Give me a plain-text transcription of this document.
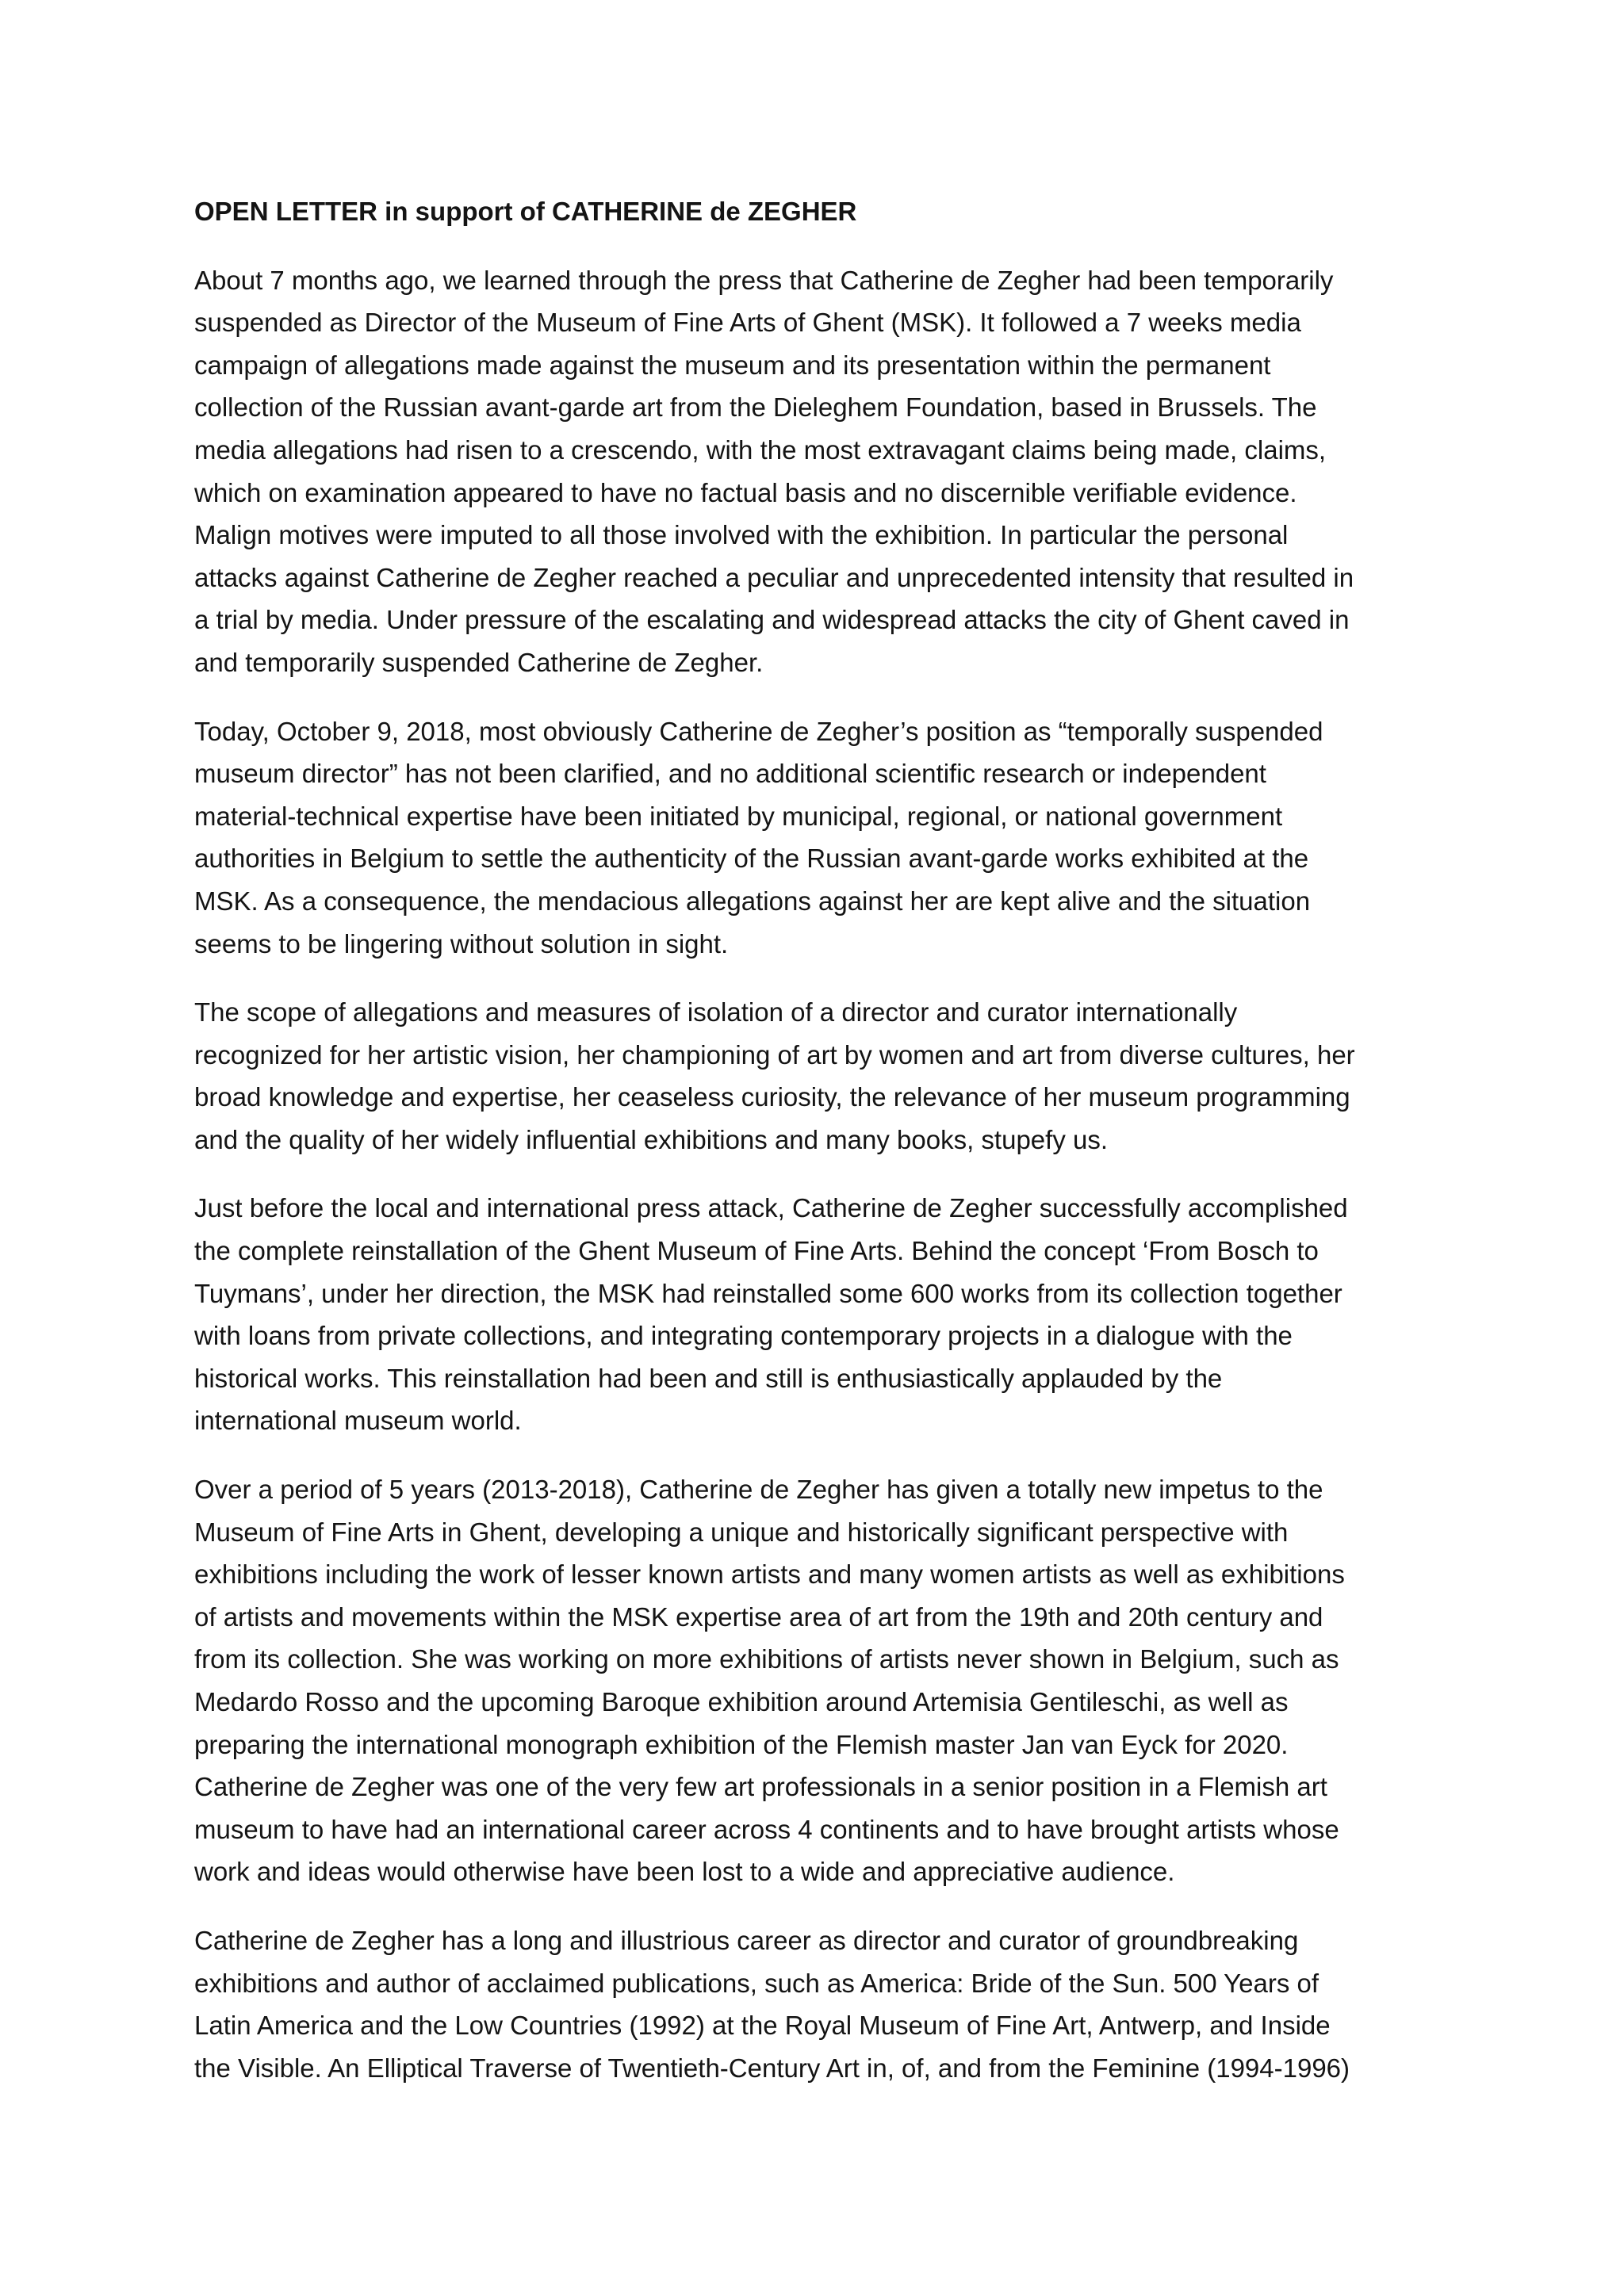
OPEN LETTER in support of CATHERINE de ZEGHER
About 7 months ago, we learned through the press that Catherine de Zegher had been temporarily
suspended as Director of the Museum of Fine Arts of Ghent (MSK). It followed a 7 weeks media
campaign of allegations made against the museum and its presentation within the permanent
collection of the Russian avant-garde art from the Dieleghem Foundation, based in Brussels. The
media allegations had risen to a crescendo, with the most extravagant claims being made, claims,
which on examination appeared to have no factual basis and no discernible verifiable evidence.
Malign motives were imputed to all those involved with the exhibition. In particular the personal
attacks against Catherine de Zegher reached a peculiar and unprecedented intensity that resulted in
a trial by media. Under pressure of the escalating and widespread attacks the city of Ghent caved in
and temporarily suspended Catherine de Zegher.
Today, October 9, 2018, most obviously Catherine de Zegher’s position as “temporally suspended
museum director” has not been clarified, and no additional scientific research or independent
material-technical expertise have been initiated by municipal, regional, or national government
authorities in Belgium to settle the authenticity of the Russian avant-garde works exhibited at the
MSK. As a consequence, the mendacious allegations against her are kept alive and the situation
seems to be lingering without solution in sight.
The scope of allegations and measures of isolation of a director and curator internationally
recognized for her artistic vision, her championing of art by women and art from diverse cultures, her
broad knowledge and expertise, her ceaseless curiosity, the relevance of her museum programming
and the quality of her widely influential exhibitions and many books, stupefy us.
Just before the local and international press attack, Catherine de Zegher successfully accomplished
the complete reinstallation of the Ghent Museum of Fine Arts. Behind the concept ‘From Bosch to
Tuymans’, under her direction, the MSK had reinstalled some 600 works from its collection together
with loans from private collections, and integrating contemporary projects in a dialogue with the
historical works. This reinstallation had been and still is enthusiastically applauded by the
international museum world.
Over a period of 5 years (2013-2018), Catherine de Zegher has given a totally new impetus to the
Museum of Fine Arts in Ghent, developing a unique and historically significant perspective with
exhibitions including the work of lesser known artists and many women artists as well as exhibitions
of artists and movements within the MSK expertise area of art from the 19th and 20th century and
from its collection. She was working on more exhibitions of artists never shown in Belgium, such as
Medardo Rosso and the upcoming Baroque exhibition around Artemisia Gentileschi, as well as
preparing the international monograph exhibition of the Flemish master Jan van Eyck for 2020.
Catherine de Zegher was one of the very few art professionals in a senior position in a Flemish art
museum to have had an international career across 4 continents and to have brought artists whose
work and ideas would otherwise have been lost to a wide and appreciative audience.
Catherine de Zegher has a long and illustrious career as director and curator of groundbreaking
exhibitions and author of acclaimed publications, such as America: Bride of the Sun. 500 Years of
Latin America and the Low Countries (1992) at the Royal Museum of Fine Art, Antwerp, and Inside
the Visible. An Elliptical Traverse of Twentieth-Century Art in, of, and from the Feminine (1994-1996)
